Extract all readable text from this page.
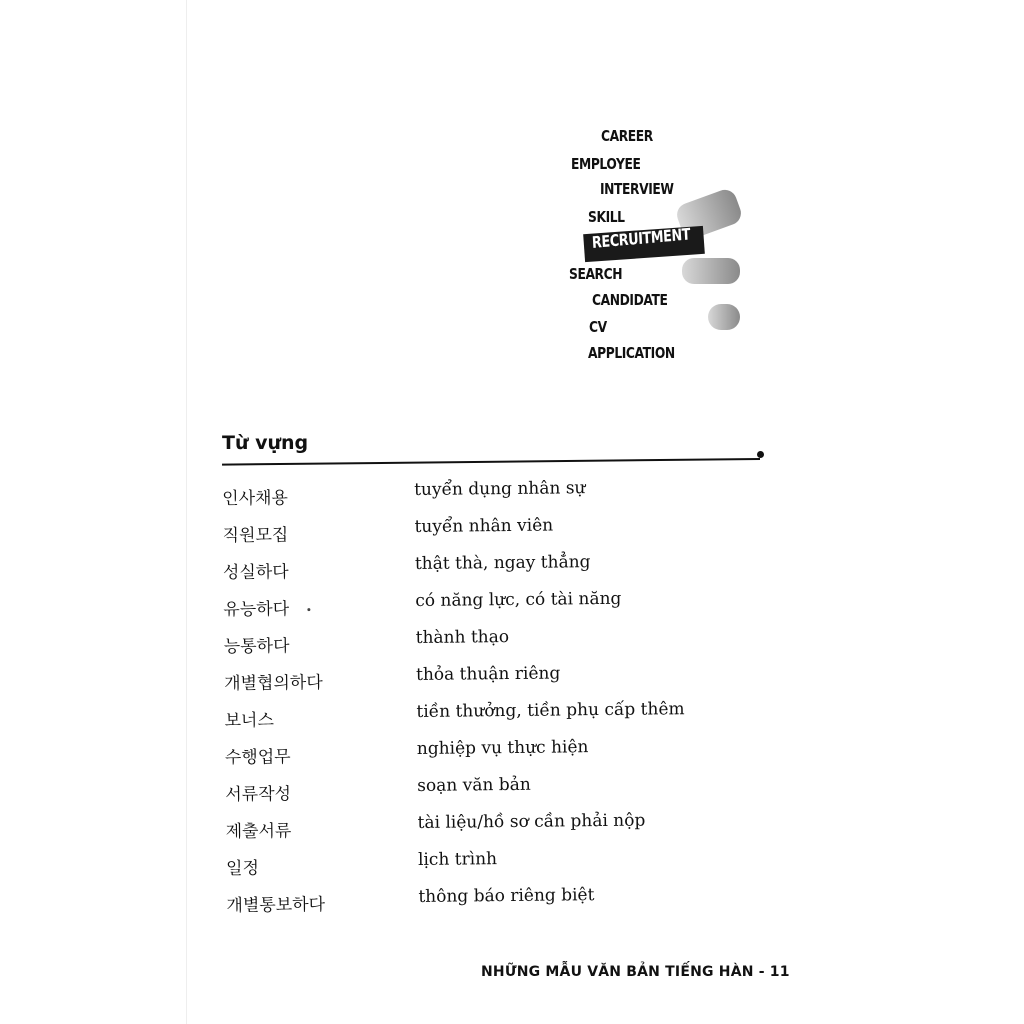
CAREER
EMPLOYEE
INTERVIEW
SKILL
RECRUITMENT
SEARCH
CANDIDATE
CV
APPLICATION
Từ vựng
인사채용	tuyển dụng nhân sự
직원모집	tuyển nhân viên
성실하다	thật thà, ngay thẳng
유능하다	có năng lực, có tài năng
능통하다	thành thạo
개별협의하다	thỏa thuận riêng
보너스	tiền thưởng, tiền phụ cấp thêm
수행업무	nghiệp vụ thực hiện
서류작성	soạn văn bản
제출서류	tài liệu/hồ sơ cần phải nộp
일정	lịch trình
개별통보하다	thông báo riêng biệt
NHỮNG MẪU VĂN BẢN TIẾNG HÀN - 11
